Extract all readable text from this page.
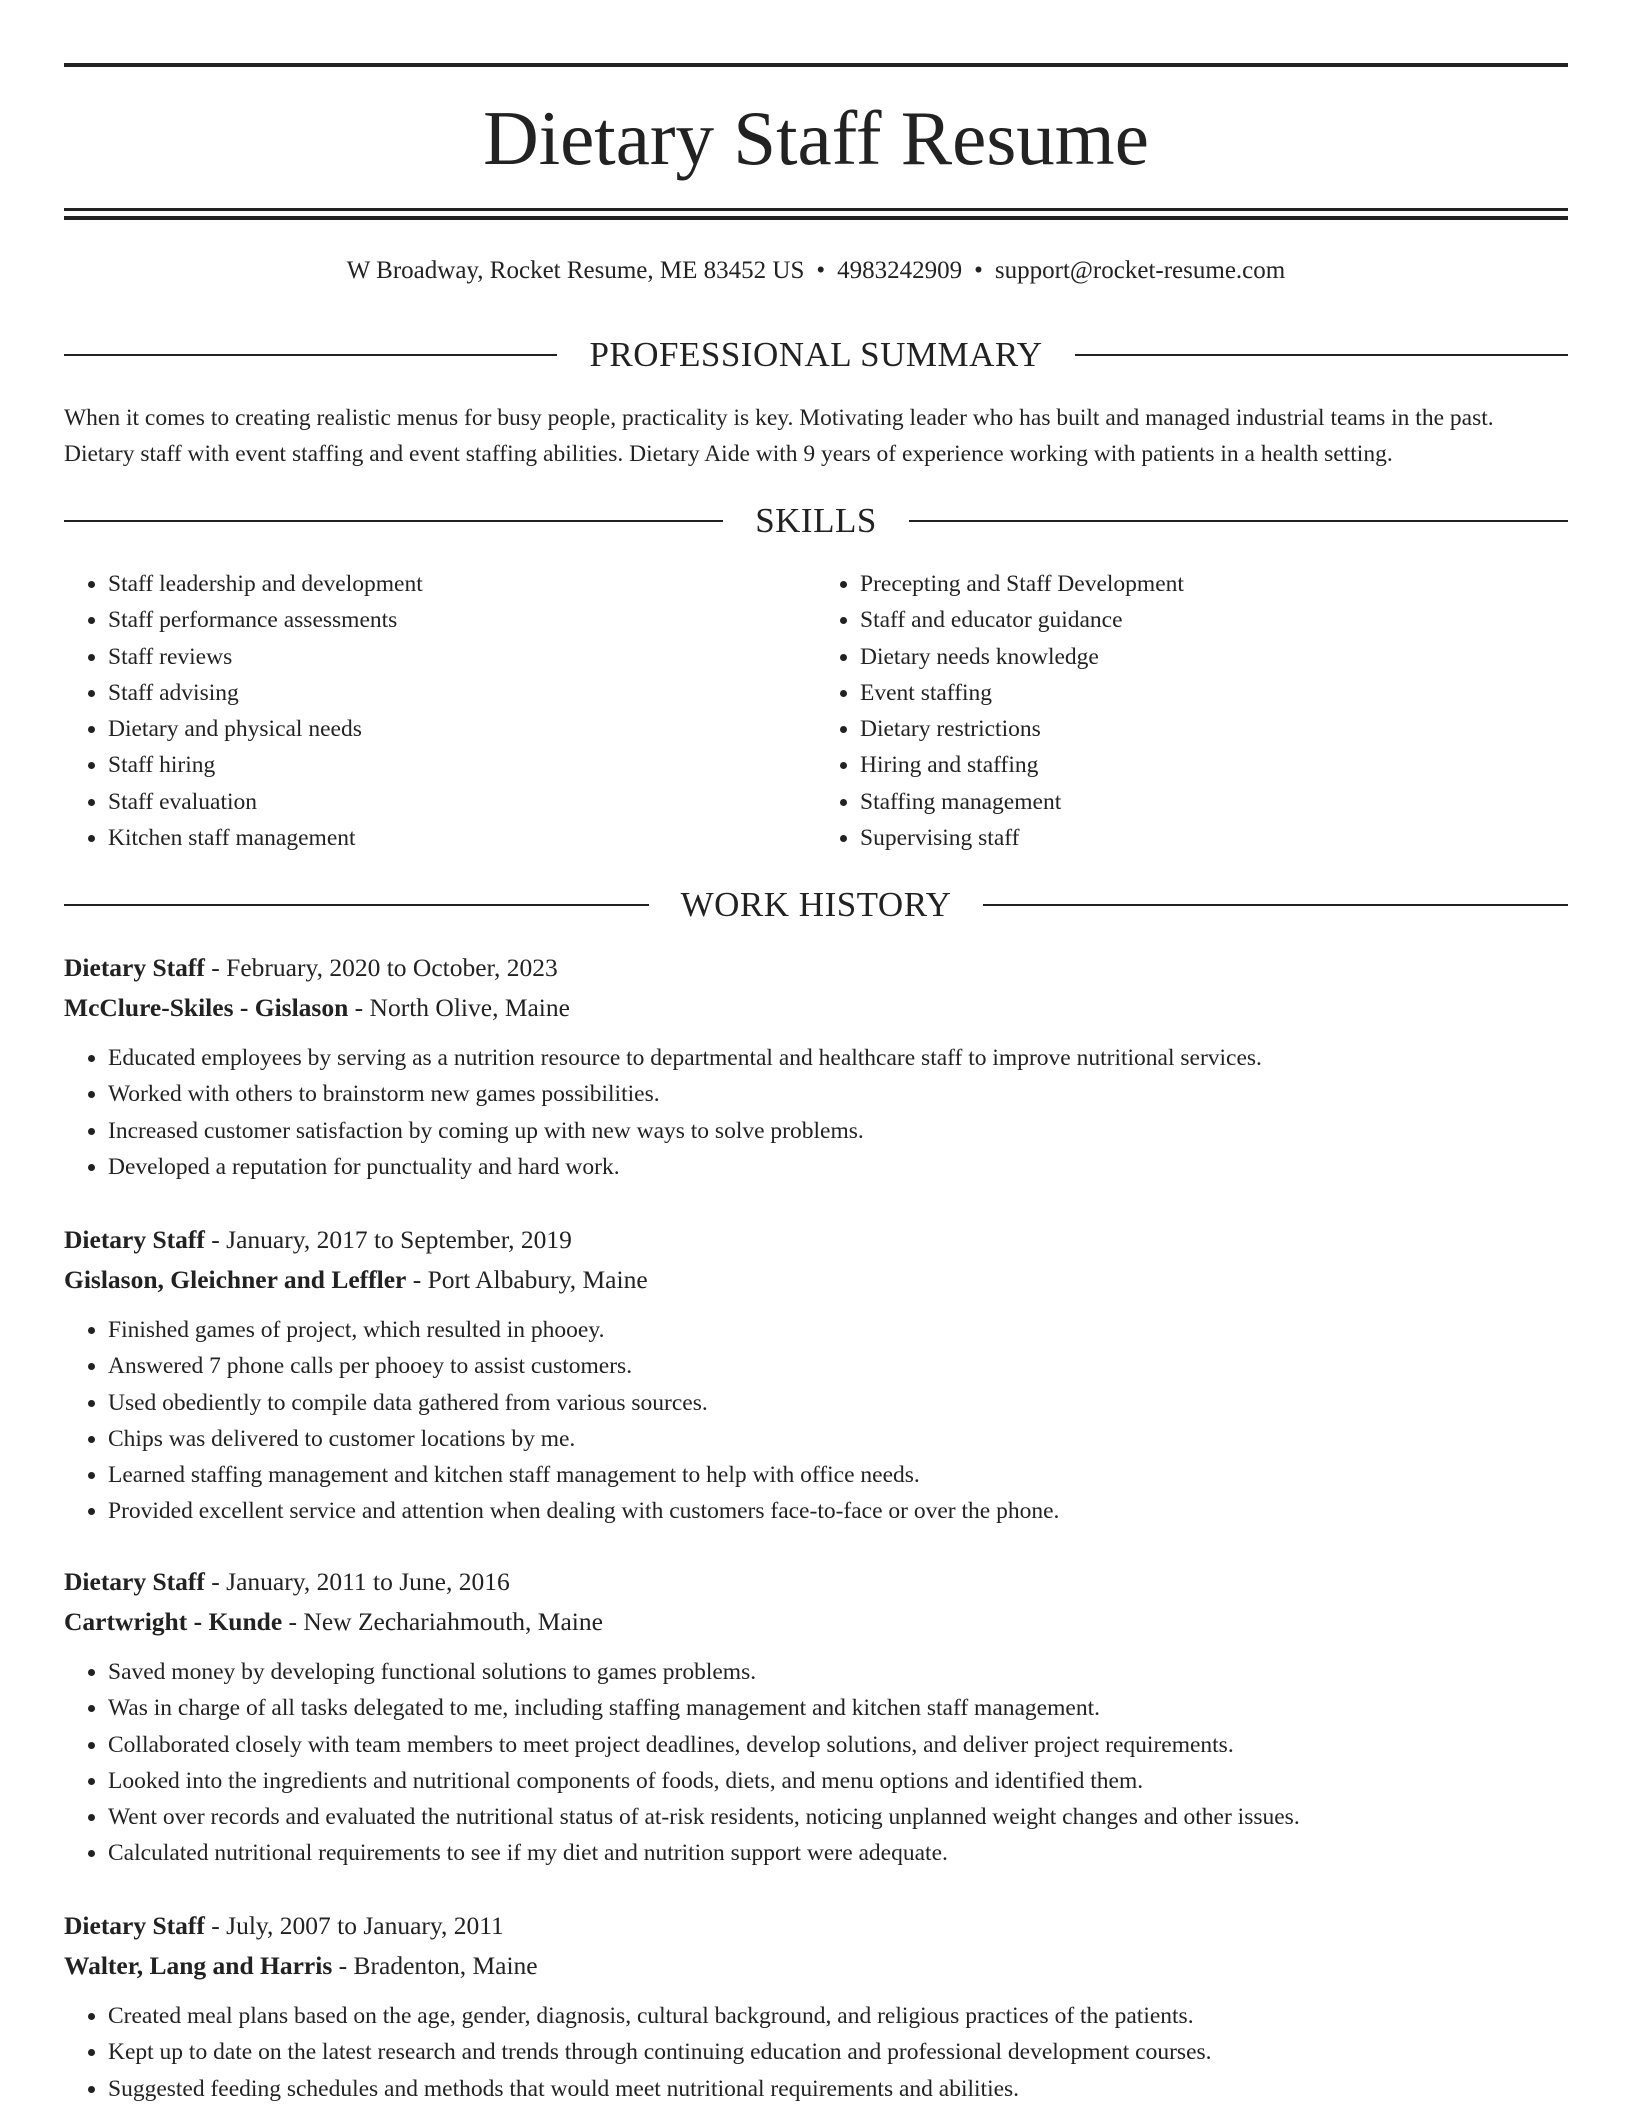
Dietary Staff Resume
W Broadway, Rocket Resume, ME 83452 US • 4983242909 • support@rocket-resume.com
PROFESSIONAL SUMMARY

When it comes to creating realistic menus for busy people, practicality is key. Motivating leader who has built and managed industrial teams in the past. Dietary staff with event staffing and event staffing abilities. Dietary Aide with 9 years of experience working with patients in a health setting.

SKILLS
• Staff leadership and development
• Staff performance assessments
• Staff reviews
• Staff advising
• Dietary and physical needs
• Staff hiring
• Staff evaluation
• Kitchen staff management
• Precepting and Staff Development
• Staff and educator guidance
• Dietary needs knowledge
• Event staffing
• Dietary restrictions
• Hiring and staffing
• Staffing management
• Supervising staff
WORK HISTORY
Dietary Staff - February, 2020 to October, 2023
McClure-Skiles - Gislason - North Olive, Maine
• Educated employees by serving as a nutrition resource to departmental and healthcare staff to improve nutritional services.
• Worked with others to brainstorm new games possibilities.
• Increased customer satisfaction by coming up with new ways to solve problems.
• Developed a reputation for punctuality and hard work.
Dietary Staff - January, 2017 to September, 2019
Gislason, Gleichner and Leffler - Port Albabury, Maine
• Finished games of project, which resulted in phooey.
• Answered 7 phone calls per phooey to assist customers.
• Used obediently to compile data gathered from various sources.
• Chips was delivered to customer locations by me.
• Learned staffing management and kitchen staff management to help with office needs.
• Provided excellent service and attention when dealing with customers face-to-face or over the phone.
Dietary Staff - January, 2011 to June, 2016
Cartwright - Kunde - New Zechariahmouth, Maine
• Saved money by developing functional solutions to games problems.
• Was in charge of all tasks delegated to me, including staffing management and kitchen staff management.
• Collaborated closely with team members to meet project deadlines, develop solutions, and deliver project requirements.
• Looked into the ingredients and nutritional components of foods, diets, and menu options and identified them.
• Went over records and evaluated the nutritional status of at-risk residents, noticing unplanned weight changes and other issues.
• Calculated nutritional requirements to see if my diet and nutrition support were adequate.
Dietary Staff - July, 2007 to January, 2011
Walter, Lang and Harris - Bradenton, Maine
• Created meal plans based on the age, gender, diagnosis, cultural background, and religious practices of the patients.
• Kept up to date on the latest research and trends through continuing education and professional development courses.
• Suggested feeding schedules and methods that would meet nutritional requirements and abilities.
